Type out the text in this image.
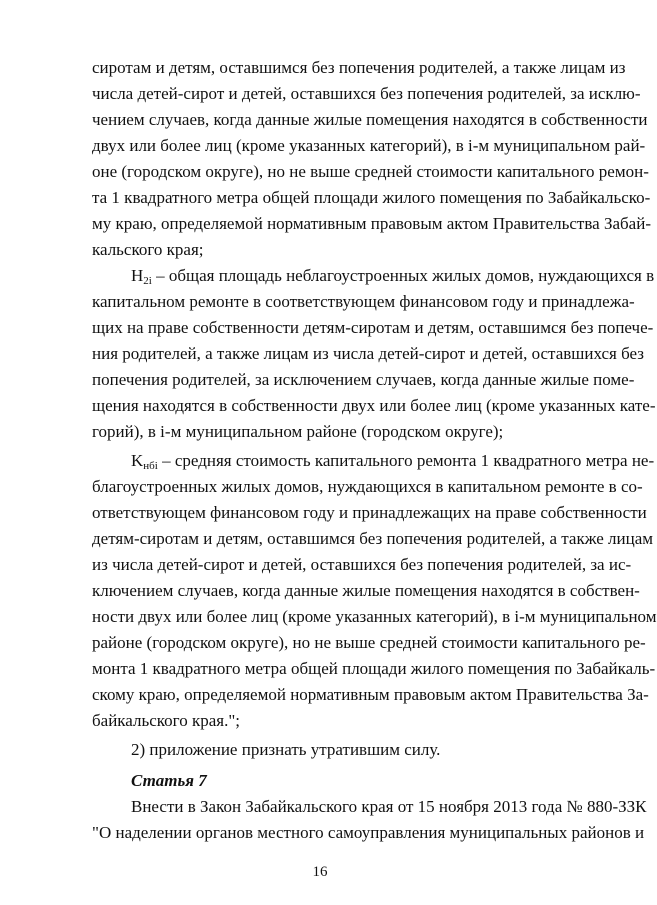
сиротам и детям, оставшимся без попечения родителей, а также лицам из
числа детей-сирот и детей, оставшихся без попечения родителей, за исклю-
чением случаев, когда данные жилые помещения находятся в собственности
двух или более лиц (кроме указанных категорий), в i-м муниципальном рай-
оне (городском округе), но не выше средней стоимости капитального ремон-
та 1 квадратного метра общей площади жилого помещения по Забайкальско-
му краю, определяемой нормативным правовым актом Правительства Забай-
кальского края;
H2i – общая площадь неблагоустроенных жилых домов, нуждающихся в
капитальном ремонте в соответствующем финансовом году и принадлежа-
щих на праве собственности детям-сиротам и детям, оставшимся без попече-
ния родителей, а также лицам из числа детей-сирот и детей, оставшихся без
попечения родителей, за исключением случаев, когда данные жилые поме-
щения находятся в собственности двух или более лиц (кроме указанных кате-
горий), в i-м муниципальном районе (городском округе);
Kнбi – средняя стоимость капитального ремонта 1 квадратного метра не-
благоустроенных жилых домов, нуждающихся в капитальном ремонте в со-
ответствующем финансовом году и принадлежащих на праве собственности
детям-сиротам и детям, оставшимся без попечения родителей, а также лицам
из числа детей-сирот и детей, оставшихся без попечения родителей, за ис-
ключением случаев, когда данные жилые помещения находятся в собствен-
ности двух или более лиц (кроме указанных категорий), в i-м муниципальном
районе (городском округе), но не выше средней стоимости капитального ре-
монта 1 квадратного метра общей площади жилого помещения по Забайкаль-
скому краю, определяемой нормативным правовым актом Правительства За-
байкальского края.";
2) приложение признать утратившим силу.
Статья 7
Внести в Закон Забайкальского края от 15 ноября 2013 года № 880-ЗЗК
"О наделении органов местного самоуправления муниципальных районов и
16
